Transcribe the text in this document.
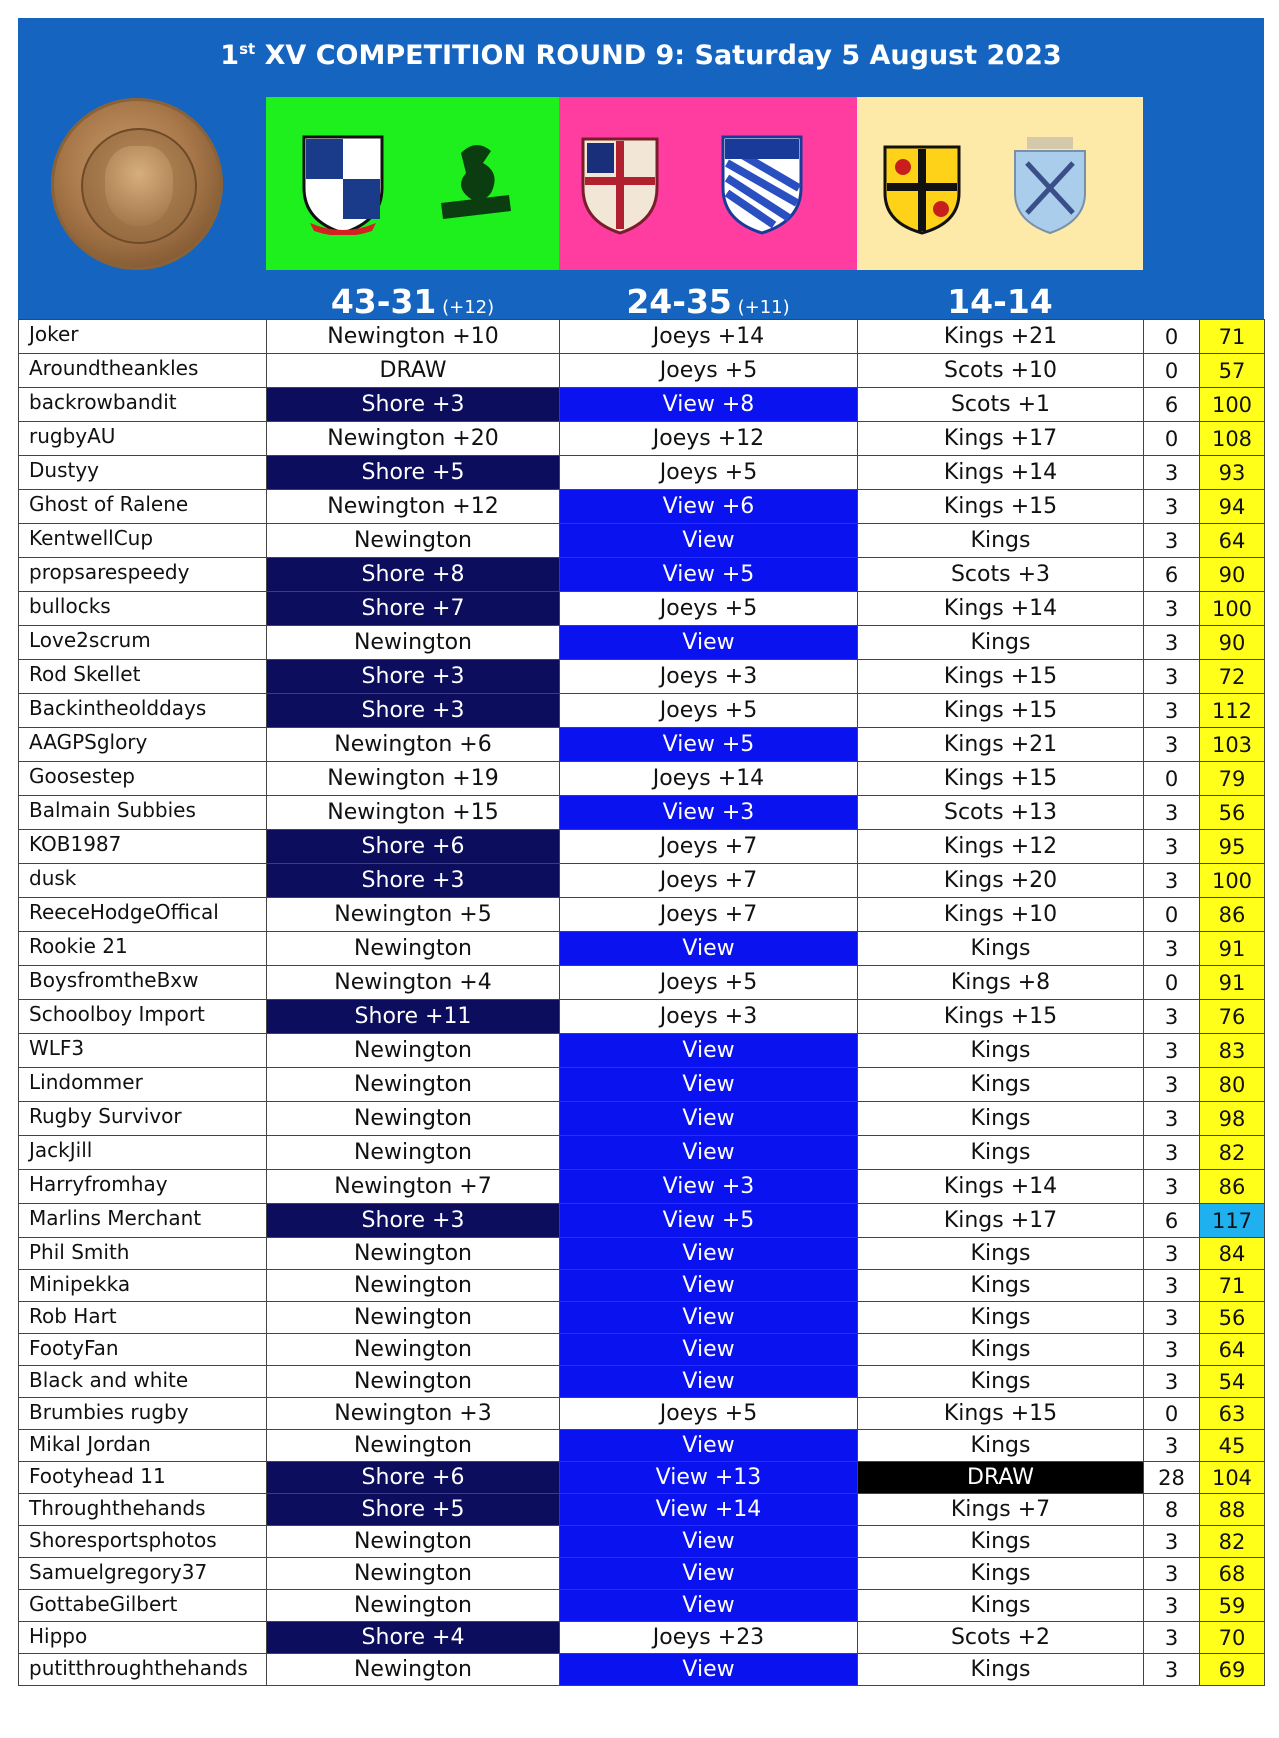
1st XV COMPETITION ROUND 9: Saturday 5 August 2023
43-31 (+12)	24-35 (+11)	14-14
Joker	Newington +10	Joeys +14	Kings +21	0	71
Aroundtheankles	DRAW	Joeys +5	Scots +10	0	57
backrowbandit	Shore +3	View +8	Scots +1	6	100
rugbyAU	Newington +20	Joeys +12	Kings +17	0	108
Dustyy	Shore +5	Joeys +5	Kings +14	3	93
Ghost of Ralene	Newington +12	View +6	Kings +15	3	94
KentwellCup	Newington	View	Kings	3	64
propsarespeedy	Shore +8	View +5	Scots +3	6	90
bullocks	Shore +7	Joeys +5	Kings +14	3	100
Love2scrum	Newington	View	Kings	3	90
Rod Skellet	Shore +3	Joeys +3	Kings +15	3	72
Backintheolddays	Shore +3	Joeys +5	Kings +15	3	112
AAGPSglory	Newington +6	View +5	Kings +21	3	103
Goosestep	Newington +19	Joeys +14	Kings +15	0	79
Balmain Subbies	Newington +15	View +3	Scots +13	3	56
KOB1987	Shore +6	Joeys +7	Kings +12	3	95
dusk	Shore +3	Joeys +7	Kings +20	3	100
ReeceHodgeOffical	Newington +5	Joeys +7	Kings +10	0	86
Rookie 21	Newington	View	Kings	3	91
BoysfromtheBxw	Newington +4	Joeys +5	Kings +8	0	91
Schoolboy Import	Shore +11	Joeys +3	Kings +15	3	76
WLF3	Newington	View	Kings	3	83
Lindommer	Newington	View	Kings	3	80
Rugby Survivor	Newington	View	Kings	3	98
JackJill	Newington	View	Kings	3	82
Harryfromhay	Newington +7	View +3	Kings +14	3	86
Marlins Merchant	Shore +3	View +5	Kings +17	6	117
Phil Smith	Newington	View	Kings	3	84
Minipekka	Newington	View	Kings	3	71
Rob Hart	Newington	View	Kings	3	56
FootyFan	Newington	View	Kings	3	64
Black and white	Newington	View	Kings	3	54
Brumbies rugby	Newington +3	Joeys +5	Kings +15	0	63
Mikal Jordan	Newington	View	Kings	3	45
Footyhead 11	Shore +6	View +13	DRAW	28	104
Throughthehands	Shore +5	View +14	Kings +7	8	88
Shoresportsphotos	Newington	View	Kings	3	82
Samuelgregory37	Newington	View	Kings	3	68
GottabeGilbert	Newington	View	Kings	3	59
Hippo	Shore +4	Joeys +23	Scots +2	3	70
putitthroughthehands	Newington	View	Kings	3	69
